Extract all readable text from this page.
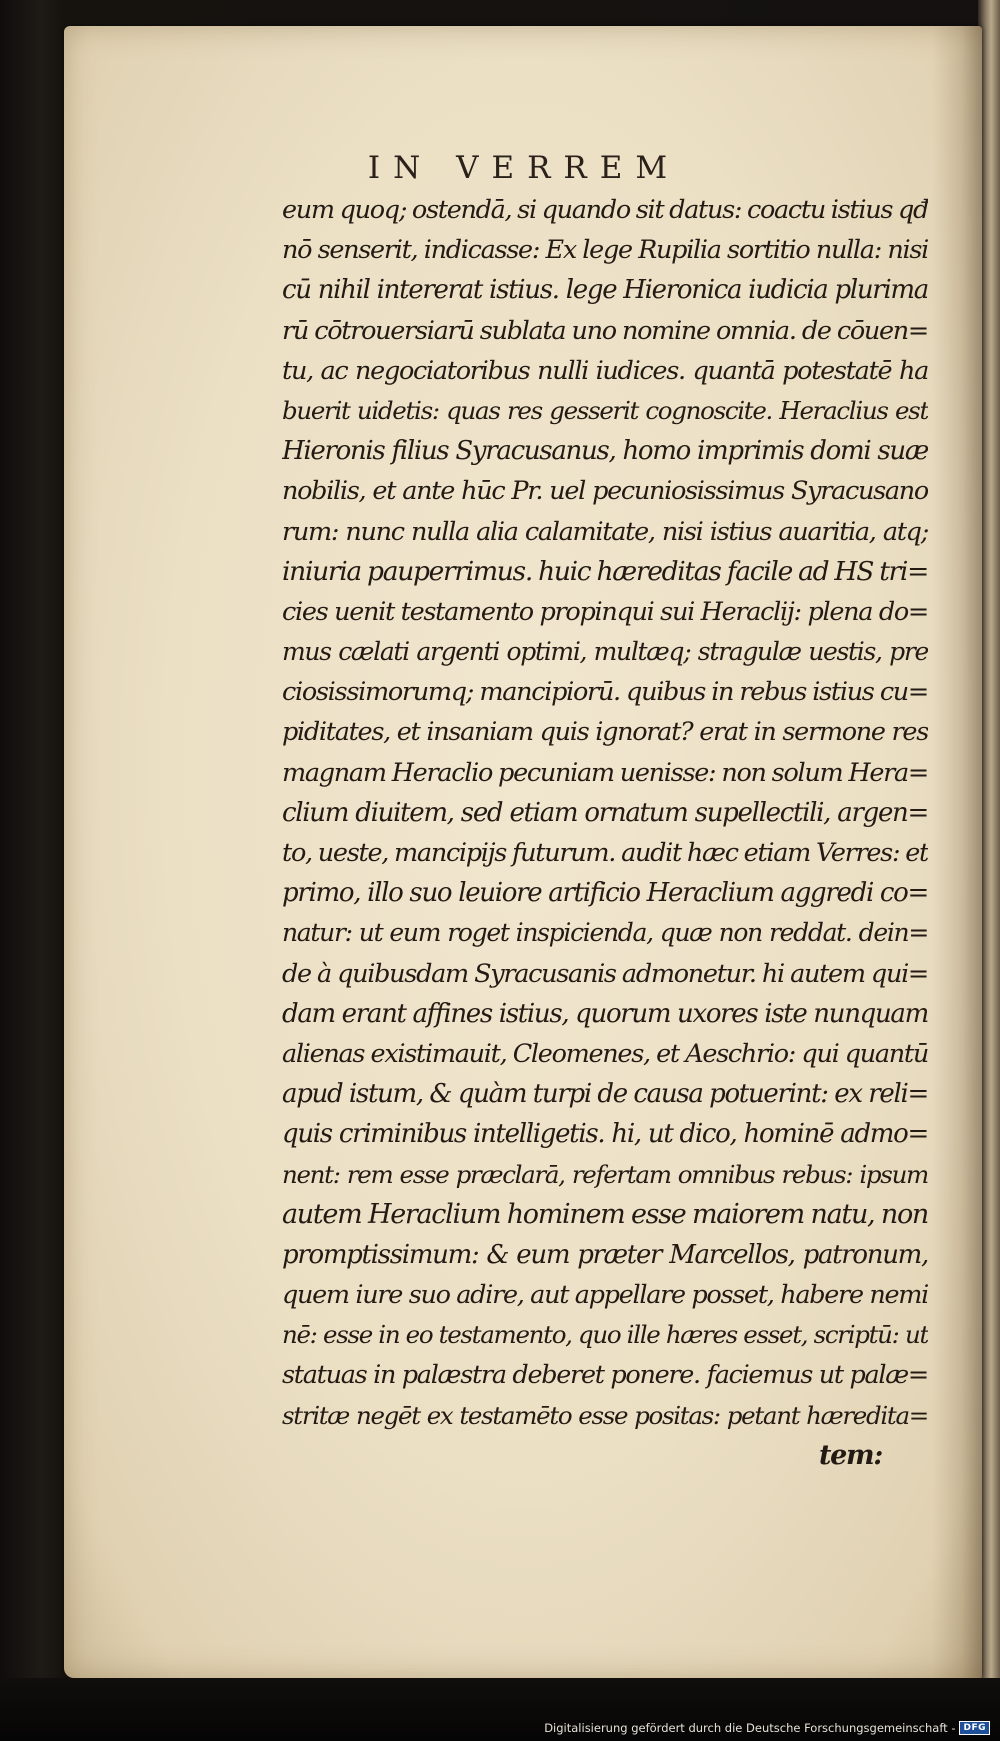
IN VERREM
eum quoq; ostendā, si quando sit datus: coactu istius qđ
nō senserit, indicasse: Ex lege Rupilia sortitio nulla: nisi
cū nihil intererat istius. lege Hieronica iudicia plurima
rū cōtrouersiarū sublata uno nomine omnia. de cōuen=
tu, ac negociatoribus nulli iudices. quantā potestatē ha
buerit uidetis: quas res gesserit cognoscite. Heraclius est
Hieronis filius Syracusanus, homo imprimis domi suæ
nobilis, et ante hūc Pr. uel pecuniosissimus Syracusano
rum: nunc nulla alia calamitate, nisi istius auaritia, atq;
iniuria pauperrimus. huic hæreditas facile ad HS tri=
cies uenit testamento propinqui sui Heraclij: plena do=
mus cælati argenti optimi, multæq; stragulæ uestis, pre
ciosissimorumq; mancipiorū. quibus in rebus istius cu=
piditates, et insaniam quis ignorat? erat in sermone res
magnam Heraclio pecuniam uenisse: non solum Hera=
clium diuitem, sed etiam ornatum supellectili, argen=
to, ueste, mancipijs futurum. audit hæc etiam Verres: et
primo, illo suo leuiore artificio Heraclium aggredi co=
natur: ut eum roget inspicienda, quæ non reddat. dein=
de à quibusdam Syracusanis admonetur. hi autem qui=
dam erant affines istius, quorum uxores iste nunquam
alienas existimauit, Cleomenes, et Aeschrio: qui quantū
apud istum, & quàm turpi de causa potuerint: ex reli=
quis criminibus intelligetis. hi, ut dico, hominē admo=
nent: rem esse præclarā, refertam omnibus rebus: ipsum
autem Heraclium hominem esse maiorem natu, non
promptissimum: & eum præter Marcellos, patronum,
quem iure suo adire, aut appellare posset, habere nemi
nē: esse in eo testamento, quo ille hæres esset, scriptū: ut
statuas in palæstra deberet ponere. faciemus ut palæ=
stritæ negēt ex testamēto esse positas: petant hæredita=
tem:
Digitalisierung gefördert durch die Deutsche Forschungsgemeinschaft - DFG
